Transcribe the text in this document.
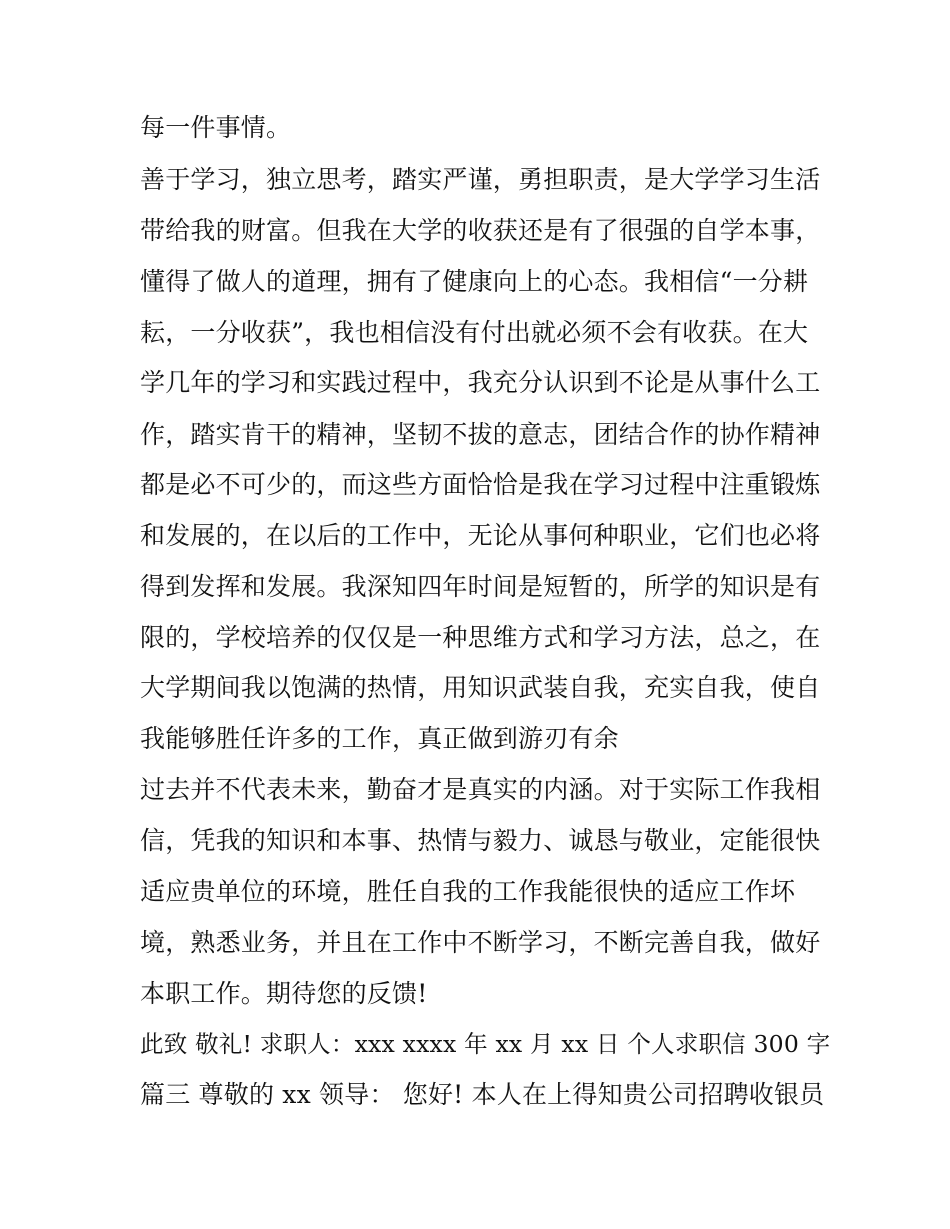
每一件事情。
善于学习，独立思考，踏实严谨，勇担职责，是大学学习生活
带给我的财富。但我在大学的收获还是有了很强的自学本事，
懂得了做人的道理，拥有了健康向上的心态。我相信“一分耕
耘，一分收获”，我也相信没有付出就必须不会有收获。在大
学几年的学习和实践过程中，我充分认识到不论是从事什么工
作，踏实肯干的精神，坚韧不拔的意志，团结合作的协作精神
都是必不可少的，而这些方面恰恰是我在学习过程中注重锻炼
和发展的，在以后的工作中，无论从事何种职业，它们也必将
得到发挥和发展。我深知四年时间是短暂的，所学的知识是有
限的，学校培养的仅仅是一种思维方式和学习方法，总之，在
大学期间我以饱满的热情，用知识武装自我，充实自我，使自
我能够胜任许多的工作，真正做到游刃有余
过去并不代表未来，勤奋才是真实的内涵。对于实际工作我相
信，凭我的知识和本事、热情与毅力、诚恳与敬业，定能很快
适应贵单位的环境，胜任自我的工作我能很快的适应工作坏
境，熟悉业务，并且在工作中不断学习，不断完善自我，做好
本职工作。期待您的反馈!
此致 敬礼! 求职人：xxx xxxx 年 xx 月 xx 日 个人求职信 300 字
篇三 尊敬的 xx 领导： 您好! 本人在上得知贵公司招聘收银员
